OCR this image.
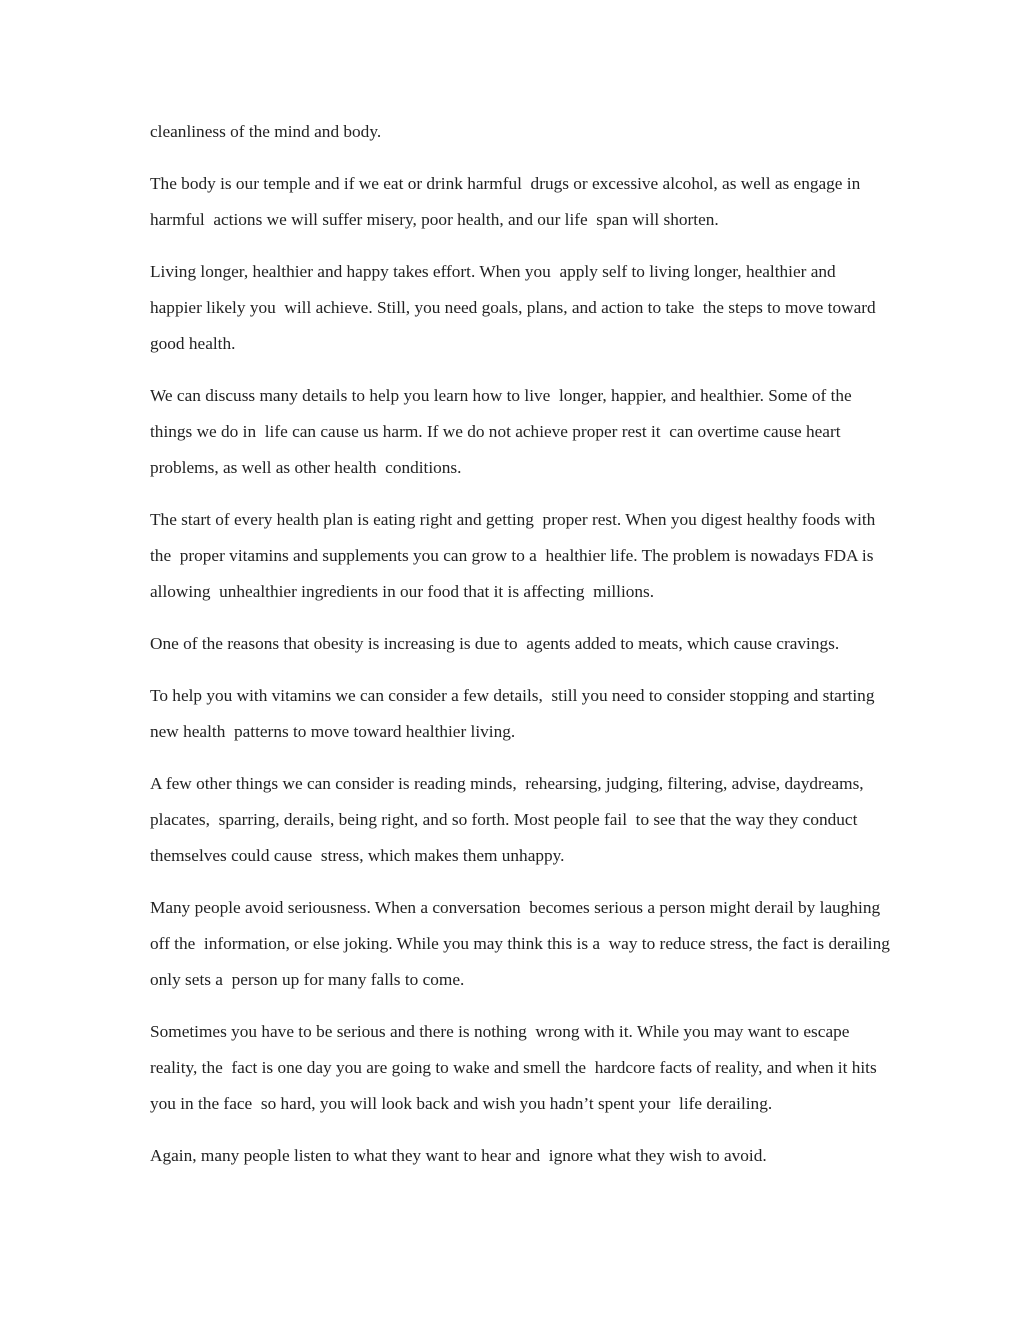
cleanliness of the mind and body.

The body is our temple and if we eat or drink harmful  drugs or excessive alcohol, as well as engage in harmful  actions we will suffer misery, poor health, and our life  span will shorten.

Living longer, healthier and happy takes effort. When you  apply self to living longer, healthier and happier likely you  will achieve. Still, you need goals, plans, and action to take  the steps to move toward good health.

We can discuss many details to help you learn how to live  longer, happier, and healthier. Some of the things we do in  life can cause us harm. If we do not achieve proper rest it  can overtime cause heart problems, as well as other health  conditions.

The start of every health plan is eating right and getting  proper rest. When you digest healthy foods with the  proper vitamins and supplements you can grow to a  healthier life. The problem is nowadays FDA is allowing  unhealthier ingredients in our food that it is affecting  millions.

One of the reasons that obesity is increasing is due to  agents added to meats, which cause cravings.

To help you with vitamins we can consider a few details,  still you need to consider stopping and starting new health  patterns to move toward healthier living.

A few other things we can consider is reading minds,  rehearsing, judging, filtering, advise, daydreams, placates,  sparring, derails, being right, and so forth. Most people fail  to see that the way they conduct themselves could cause  stress, which makes them unhappy.

Many people avoid seriousness. When a conversation  becomes serious a person might derail by laughing off the  information, or else joking. While you may think this is a  way to reduce stress, the fact is derailing only sets a  person up for many falls to come.

Sometimes you have to be serious and there is nothing  wrong with it. While you may want to escape reality, the  fact is one day you are going to wake and smell the  hardcore facts of reality, and when it hits you in the face  so hard, you will look back and wish you hadn’t spent your  life derailing.

Again, many people listen to what they want to hear and  ignore what they wish to avoid.
